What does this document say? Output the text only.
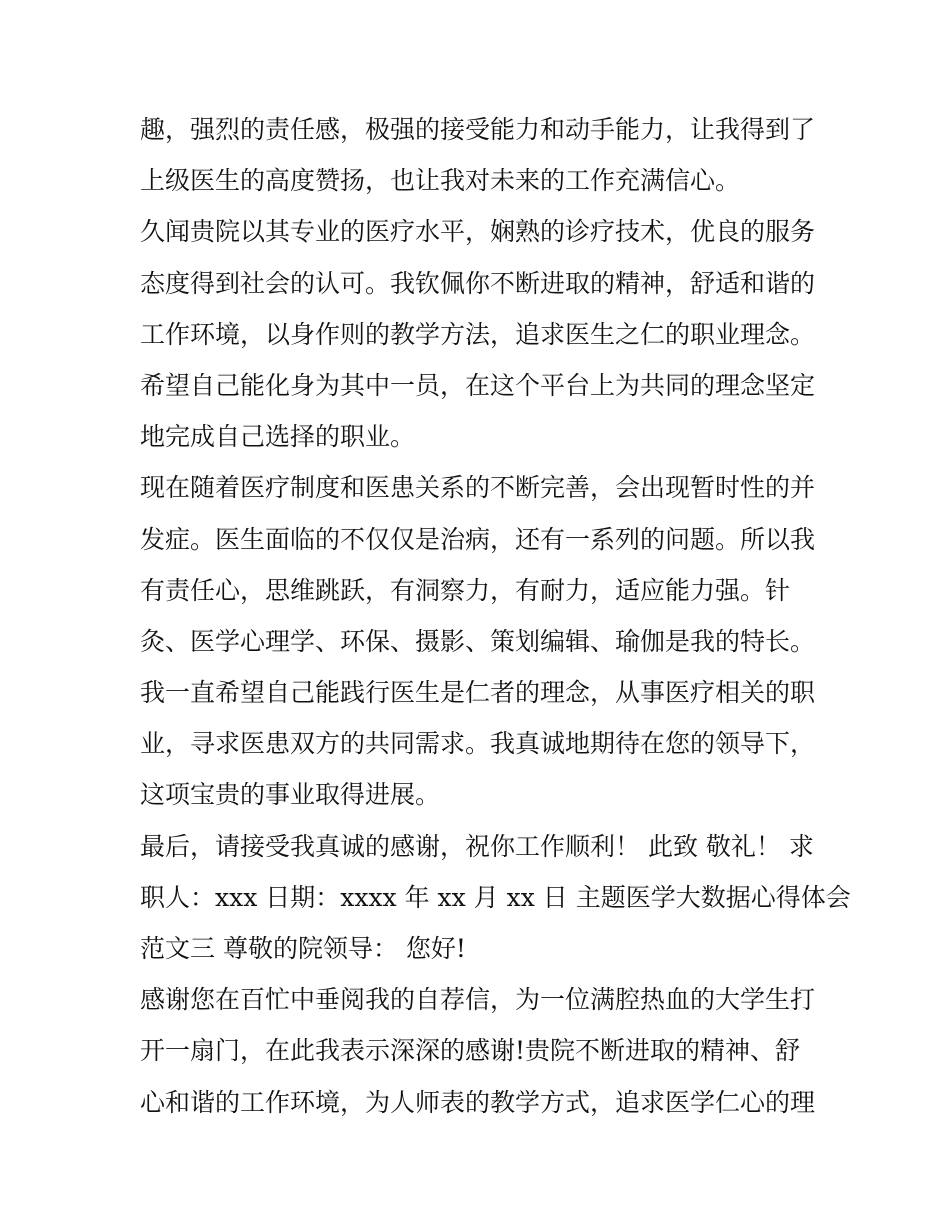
趣，强烈的责任感，极强的接受能力和动手能力，让我得到了
上级医生的高度赞扬，也让我对未来的工作充满信心。
久闻贵院以其专业的医疗水平，娴熟的诊疗技术，优良的服务
态度得到社会的认可。我钦佩你不断进取的精神，舒适和谐的
工作环境，以身作则的教学方法，追求医生之仁的职业理念。
希望自己能化身为其中一员，在这个平台上为共同的理念坚定
地完成自己选择的职业。
现在随着医疗制度和医患关系的不断完善，会出现暂时性的并
发症。医生面临的不仅仅是治病，还有一系列的问题。所以我
有责任心，思维跳跃，有洞察力，有耐力，适应能力强。针
灸、医学心理学、环保、摄影、策划编辑、瑜伽是我的特长。
我一直希望自己能践行医生是仁者的理念，从事医疗相关的职
业，寻求医患双方的共同需求。我真诚地期待在您的领导下，
这项宝贵的事业取得进展。
最后，请接受我真诚的感谢，祝你工作顺利！ 此致 敬礼！ 求
职人：xxx 日期：xxxx 年 xx 月 xx 日 主题医学大数据心得体会
范文三 尊敬的院领导： 您好!
感谢您在百忙中垂阅我的自荐信，为一位满腔热血的大学生打
开一扇门，在此我表示深深的感谢!贵院不断进取的精神、舒
心和谐的工作环境，为人师表的教学方式，追求医学仁心的理
